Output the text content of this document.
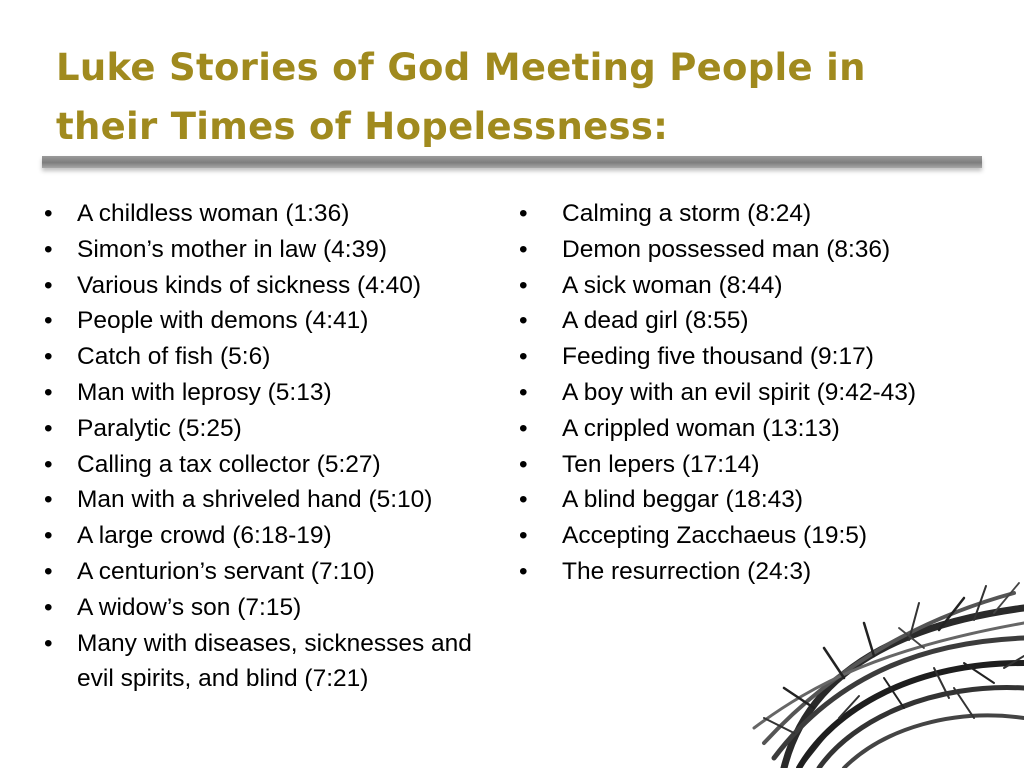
Luke Stories of God Meeting People in
their Times of Hopelessness:
• A childless woman (1:36)
• Simon’s mother in law (4:39)
• Various kinds of sickness (4:40)
• People with demons (4:41)
• Catch of fish (5:6)
• Man with leprosy (5:13)
• Paralytic (5:25)
• Calling a tax collector (5:27)
• Man with a shriveled hand (5:10)
• A large crowd (6:18-19)
• A centurion’s servant (7:10)
• A widow’s son (7:15)
• Many with diseases, sicknesses and evil spirits, and blind (7:21)
• Calming a storm (8:24)
• Demon possessed man (8:36)
• A sick woman (8:44)
• A dead girl (8:55)
• Feeding five thousand (9:17)
• A boy with an evil spirit (9:42-43)
• A crippled woman (13:13)
• Ten lepers (17:14)
• A blind beggar (18:43)
• Accepting Zacchaeus (19:5)
• The resurrection (24:3)
